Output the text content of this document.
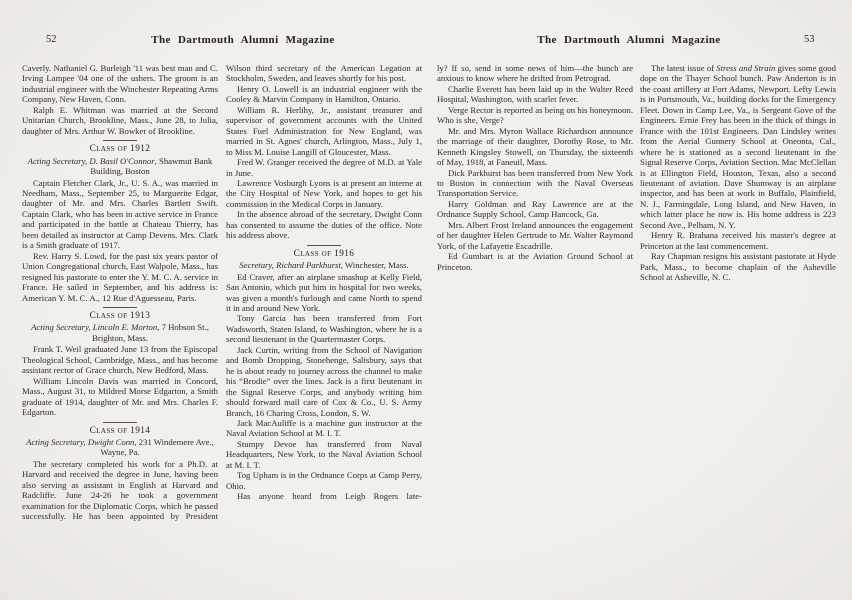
52	The Dartmouth Alumni Magazine	The Dartmouth Alumni Magazine	53

Caverly. Nathaniel G. Burleigh '11 was best man and C. Irving Lampee '04 one of the ushers. The groom is an industrial engineer with the Winchester Repeating Arms Company, New Haven, Conn.

Ralph E. Whitman was married at the Second Unitarian Church, Brookline, Mass., June 28, to Julia, daughter of Mrs. Arthur W. Bowker of Brookline.

Class of 1912

Acting Secretary, D. Basil O'Connor, Shawmut Bank Building, Boston

Captain Fletcher Clark, Jr., U. S. A., was married in Needham, Mass., September 25, to Marguerite Edgar, daughter of Mr. and Mrs. Charles Bartlett Swift. Captain Clark, who has been in active service in France and participated in the battle at Chateau Thierry, has been detailed as instructor at Camp Devens. Mrs. Clark is a Smith graduate of 1917.

Rev. Harry S. Lowd, for the past six years pastor of Union Congregational church, East Walpole, Mass., has resigned his pastorate to enter the Y. M. C. A. service in France. He sailed in September, and his address is: American Y. M. C. A., 12 Rue d'Aguesseau, Paris.

Class of 1913

Acting Secretary, Lincoln E. Morton, 7 Hobson St., Brighton, Mass.

Frank T. Weil graduated June 13 from the Episcopal Theological School, Cambridge, Mass., and has become assistant rector of Grace church, New Bedford, Mass.

William Lincoln Davis was married in Concord, Mass., August 31, to Mildred Morse Edgarton, a Smith graduate of 1914, daughter of Mr. and Mrs. Charles F. Edgarton.

Class of 1914

Acting Secretary, Dwight Conn, 231 Windemere Ave., Wayne, Pa.

The secretary completed his work for a Ph.D. at Harvard and received the degree in June, having been also serving as assistant in English at Harvard and Radcliffe. June 24-26 he took a government examination for the Diplomatic Corps, which he passed successfully. He has been appointed by President

Wilson third secretary of the American Legation at Stockholm, Sweden, and leaves shortly for his post.

Henry O. Lowell is an industrial engineer with the Cooley & Marvin Company in Hamilton, Ontario.

William R. Herlihy, Jr., assistant treasurer and supervisor of government accounts with the United States Fuel Administration for New England, was married in St. Agnes' church, Arlington, Mass., July 1, to Miss M. Louise Langill of Gloucester, Mass.

Fred W. Granger received the degree of M.D. at Yale in June.

Lawrence Vosburgh Lyons is at present an interne at the City Hospital of New York, and hopes to get his commission in the Medical Corps in January.

In the absence abroad of the secretary, Dwight Conn has consented to assume the duties of the office. Note his address above.

Class of 1916

Secretary, Richard Parkhurst, Winchester, Mass.

Ed Craver, after an airplane smashup at Kelly Field, San Antonio, which put him in hospital for two weeks, was given a month's furlough and came North to spend it in and around New York.

Tony Garcia has been transferred from Fort Wadsworth, Staten Island, to Washington, where he is a second lieutenant in the Quartermaster Corps.

Jack Curtin, writing from the School of Navigation and Bomb Dropping, Stonehenge, Salisbury, says that he is about ready to journey across the channel to make his “Brodie” over the lines. Jack is a first lieutenant in the Signal Reserve Corps, and anybody writing him should forward mail care of Cox & Co., U. S. Army Branch, 16 Charing Cross, London, S. W.

Jack MacAuliffe is a machine gun instructor at the Naval Aviation School at M. I. T.

Stumpy Devoe has transferred from Naval Headquarters, New York, to the Naval Aviation School at M. I. T.

Tog Upham is in the Ordnance Corps at Camp Perry, Ohio.

Has anyone heard from Leigh Rogers late-

ly? If so, send in some news of him—the bunch are anxious to know where he drifted from Petrograd.

Charlie Everett has been laid up in the Walter Reed Hospital, Washington, with scarlet fever.

Verge Rector is reported as being on his honeymoon. Who is she, Verge?

Mr. and Mrs. Myron Wallace Richardson announce the marriage of their daughter, Dorothy Rose, to Mr. Kenneth Kingsley Stowell, on Thursday, the sixteenth of May, 1918, at Faneuil, Mass.

Dick Parkhurst has been transferred from New York to Boston in connection with the Naval Overseas Transportation Service.

Harry Goldman and Ray Lawrence are at the Ordnance Supply School, Camp Hancock, Ga.

Mrs. Albert Frost Ireland announces the engagement of her daughter Helen Gertrude to Mr. Walter Raymond York, of the Lafayette Escadrille.

Ed Gumbart is at the Aviation Ground School at Princeton.

The latest issue of Stress and Strain gives some good dope on the Thayer School bunch. Paw Anderton is in the coast artillery at Fort Adams, Newport. Lefty Lewis is in Portsmouth, Va., building docks for the Emergency Fleet. Down in Camp Lee, Va., is Sergeant Gove of the Engineers. Ernie Frey has been in the thick of things in France with the 101st Engineers. Dan Lindsley writes from the Aerial Gunnery School at Oneonta, Cal., where he is stationed as a second lieutenant in the Signal Reserve Corps, Aviation Section. Mac McClellan is at Ellington Field, Houston, Texas, also a second lieutenant of aviation. Dave Shumway is an airplane inspector, and has been at work in Buffalo, Plainfield, N. J., Farmingdale, Long Island, and New Haven, in which latter place he now is. His home address is 223 Second Ave., Pelham, N. Y.

Henry R. Brahana received his master's degree at Princeton at the last commencement.

Ray Chapman resigns his assistant pastorate at Hyde Park, Mass., to become chaplain of the Asheville School at Asheville, N. C.
